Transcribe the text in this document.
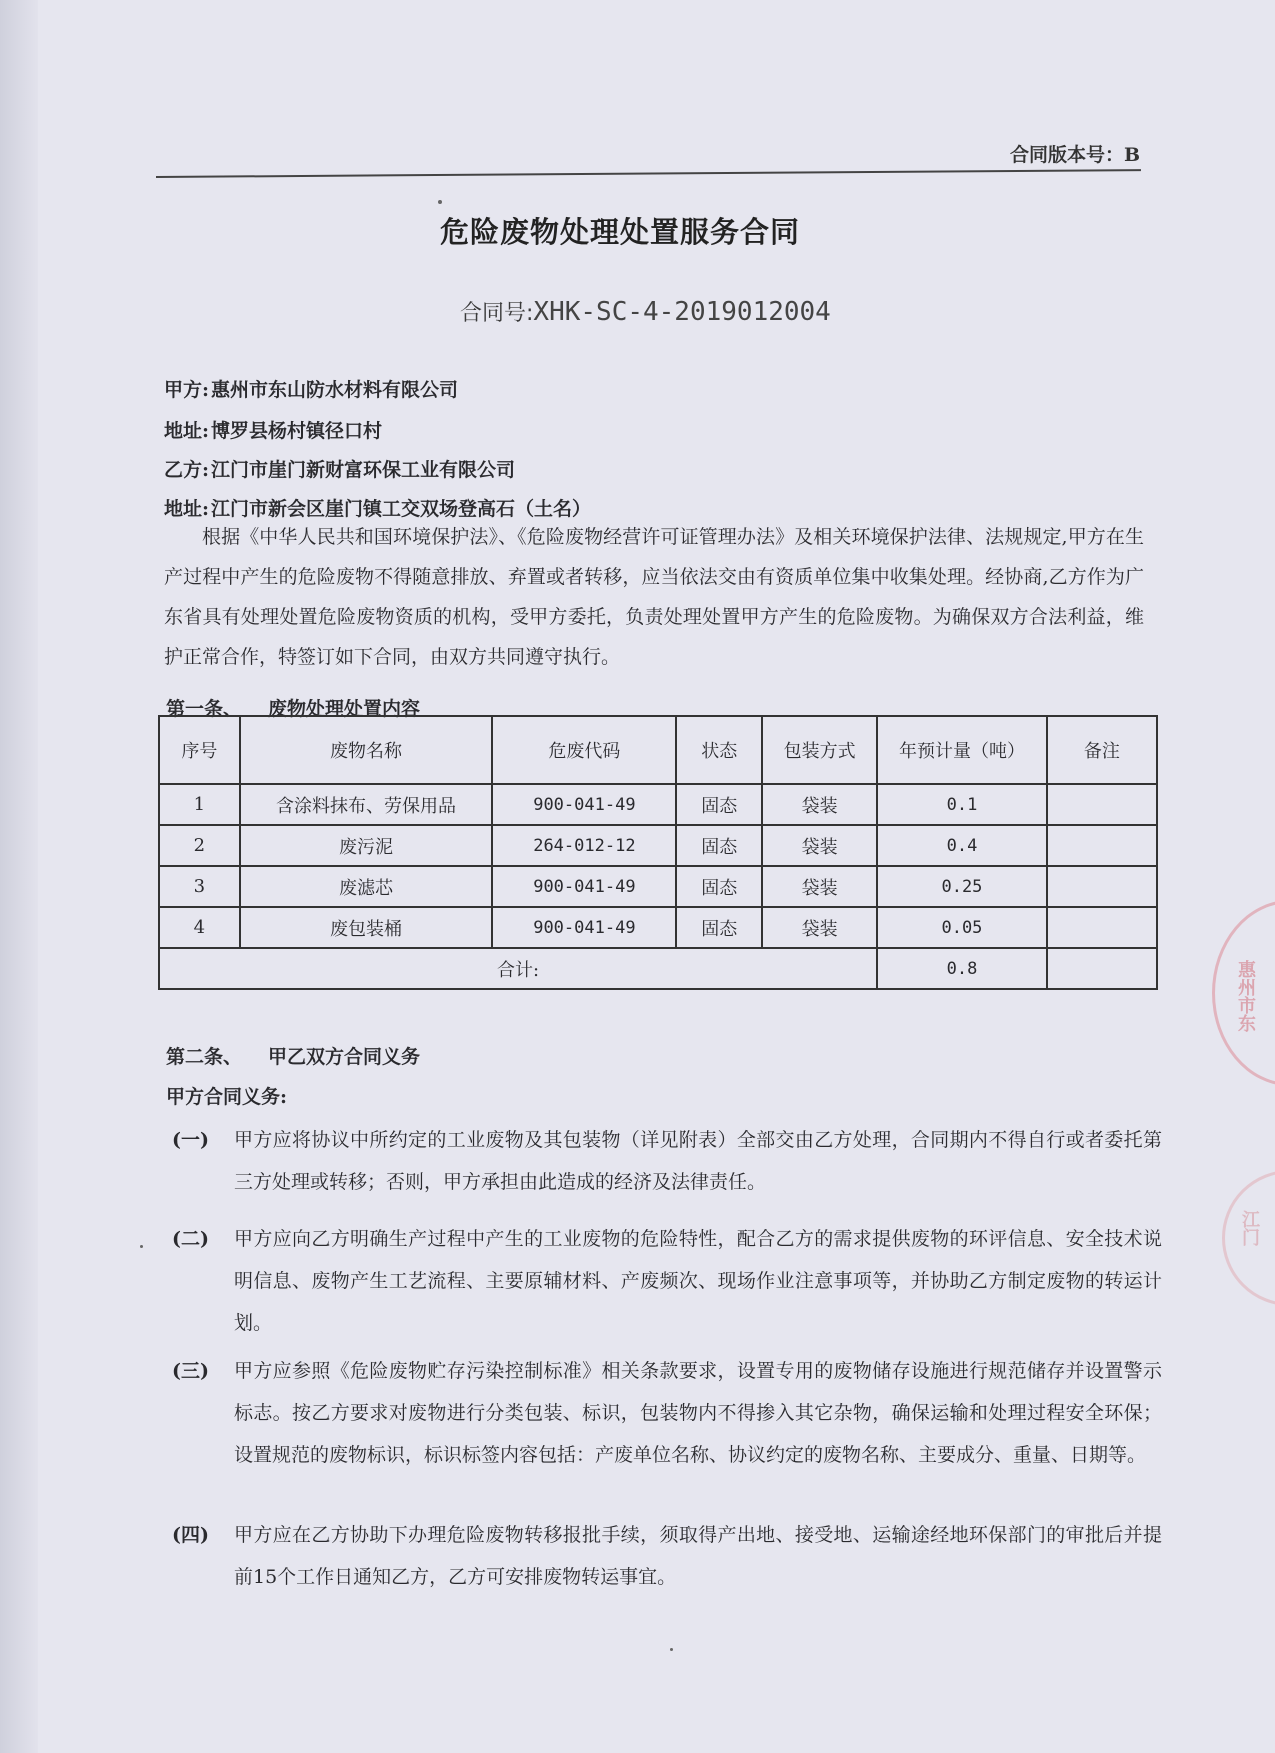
合同版本号：B
危险废物处理处置服务合同
合同号:XHK-SC-4-2019012004
甲方: 惠州市东山防水材料有限公司
地址: 博罗县杨村镇径口村
乙方: 江门市崖门新财富环保工业有限公司
地址: 江门市新会区崖门镇工交双场登高石（土名）
根据《中华人民共和国环境保护法》、《危险废物经营许可证管理办法》及相关环境保护法律、法规规定,甲方在生产过程中产生的危险废物不得随意排放、弃置或者转移，应当依法交由有资质单位集中收集处理。经协商,乙方作为广东省具有处理处置危险废物资质的机构，受甲方委托，负责处理处置甲方产生的危险废物。为确保双方合法利益，维护正常合作，特签订如下合同，由双方共同遵守执行。
第一条、 废物处理处置内容
序号	废物名称	危废代码	状态	包装方式	年预计量（吨）	备注
1	含涂料抹布、劳保用品	900-041-49	固态	袋装	0.1	
2	废污泥	264-012-12	固态	袋装	0.4	
3	废滤芯	900-041-49	固态	袋装	0.25	
4	废包装桶	900-041-49	固态	袋装	0.05	
合计:					0.8	
第二条、 甲乙双方合同义务
甲方合同义务:
(一)	甲方应将协议中所约定的工业废物及其包装物（详见附表）全部交由乙方处理，合同期内不得自行或者委托第三方处理或转移；否则，甲方承担由此造成的经济及法律责任。
(二)	甲方应向乙方明确生产过程中产生的工业废物的危险特性，配合乙方的需求提供废物的环评信息、安全技术说明信息、废物产生工艺流程、主要原辅材料、产废频次、现场作业注意事项等，并协助乙方制定废物的转运计划。
(三)	甲方应参照《危险废物贮存污染控制标准》相关条款要求，设置专用的废物储存设施进行规范储存并设置警示标志。按乙方要求对废物进行分类包装、标识，包装物内不得掺入其它杂物，确保运输和处理过程安全环保；设置规范的废物标识，标识标签内容包括：产废单位名称、协议约定的废物名称、主要成分、重量、日期等。
(四)	甲方应在乙方协助下办理危险废物转移报批手续，须取得产出地、接受地、运输途经地环保部门的审批后并提前15个工作日通知乙方，乙方可安排废物转运事宜。
惠州市东
江门
